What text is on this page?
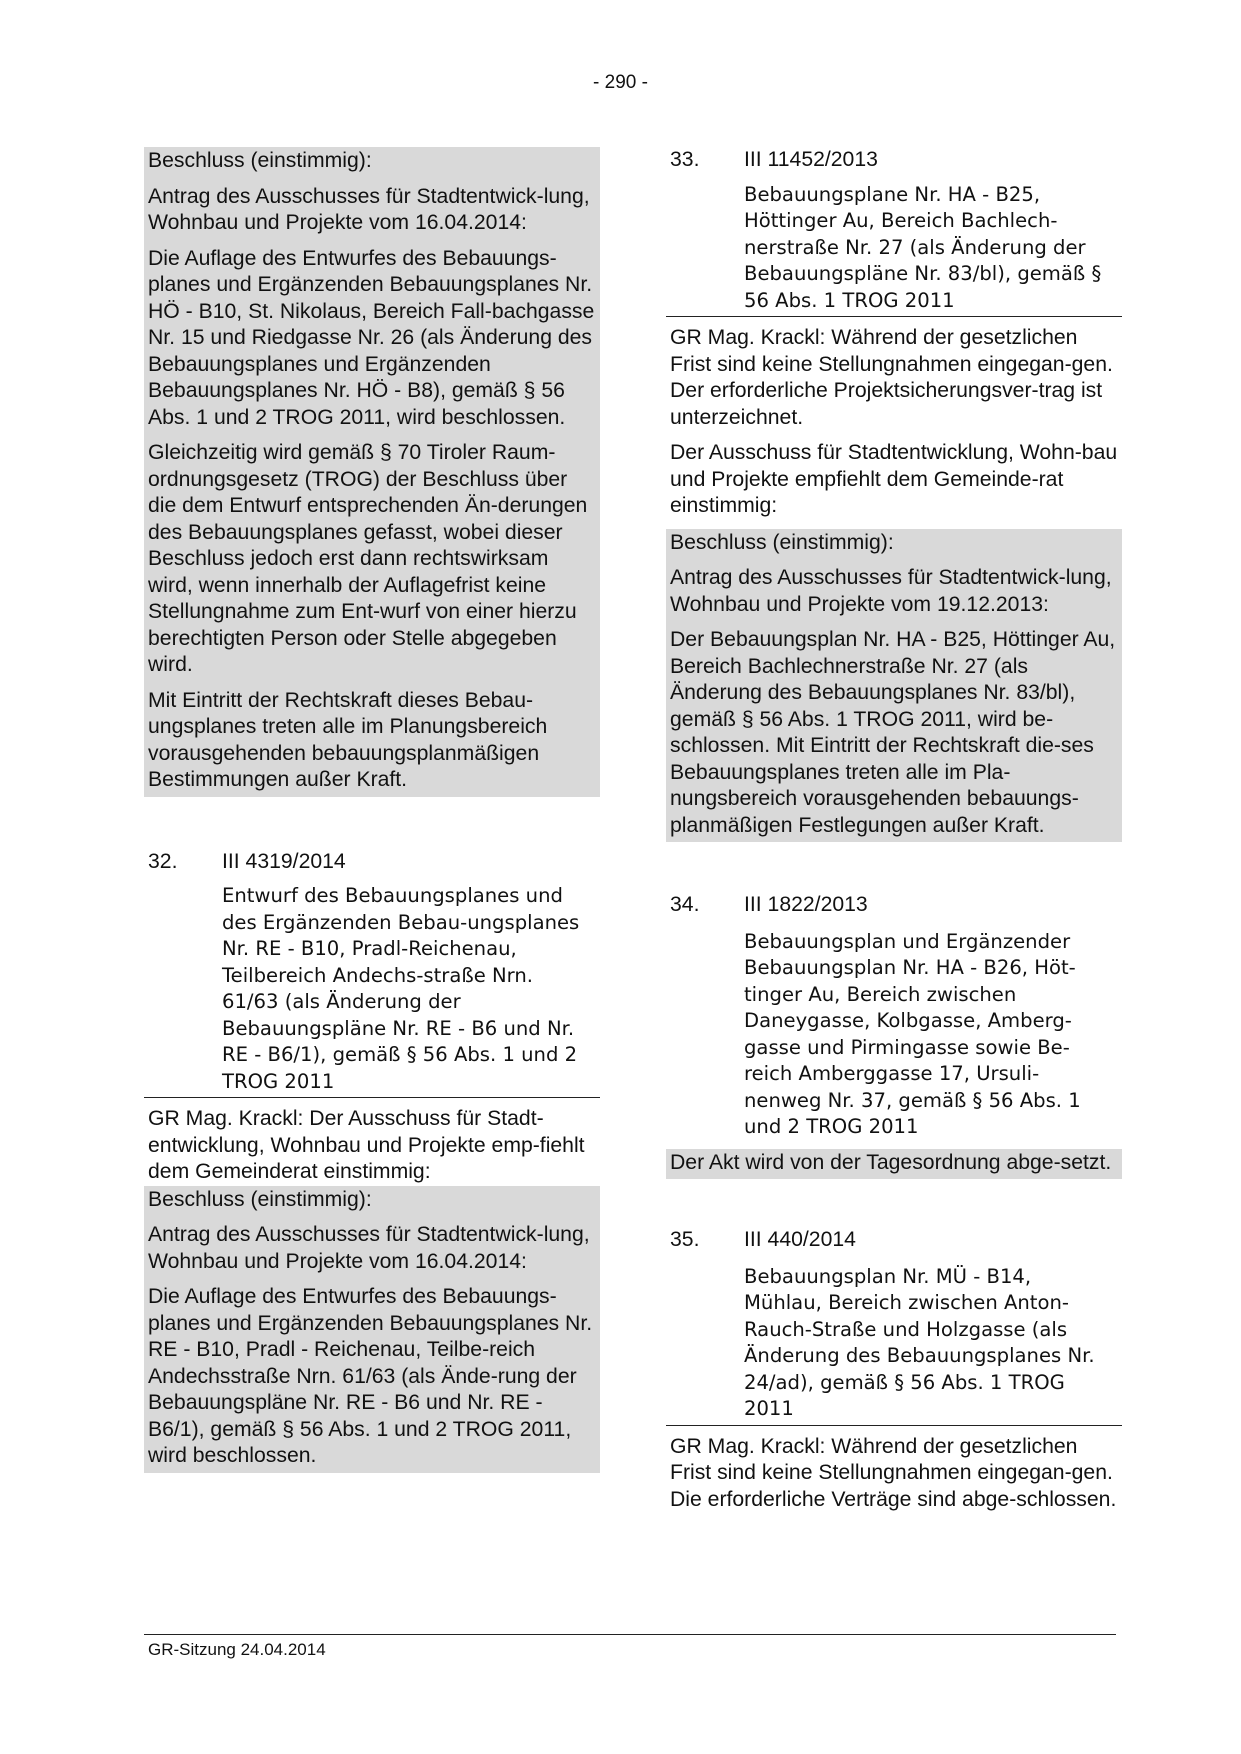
- 290 -

Beschluss (einstimmig):

Antrag des Ausschusses für Stadtentwick-lung, Wohnbau und Projekte vom 16.04.2014:

Die Auflage des Entwurfes des Bebauungs-planes und Ergänzenden Bebauungsplanes Nr. HÖ - B10, St. Nikolaus, Bereich Fall-bachgasse Nr. 15 und Riedgasse Nr. 26 (als Änderung des Bebauungsplanes und Ergänzenden Bebauungsplanes Nr. HÖ - B8), gemäß § 56 Abs. 1 und 2 TROG 2011, wird beschlossen.

Gleichzeitig wird gemäß § 70 Tiroler Raum-ordnungsgesetz (TROG) der Beschluss über die dem Entwurf entsprechenden Än-derungen des Bebauungsplanes gefasst, wobei dieser Beschluss jedoch erst dann rechtswirksam wird, wenn innerhalb der Auflagefrist keine Stellungnahme zum Ent-wurf von einer hierzu berechtigten Person oder Stelle abgegeben wird.

Mit Eintritt der Rechtskraft dieses Bebau-ungsplanes treten alle im Planungsbereich vorausgehenden bebauungsplanmäßigen Bestimmungen außer Kraft.

32.	III 4319/2014
Entwurf des Bebauungsplanes und des Ergänzenden Bebau-ungsplanes Nr. RE - B10, Pradl-Reichenau, Teilbereich Andechs-straße Nrn. 61/63 (als Änderung der Bebauungspläne Nr. RE - B6 und Nr. RE - B6/1), gemäß § 56 Abs. 1 und 2 TROG 2011

GR Mag. Krackl: Der Ausschuss für Stadt-entwicklung, Wohnbau und Projekte emp-fiehlt dem Gemeinderat einstimmig:

Beschluss (einstimmig):

Antrag des Ausschusses für Stadtentwick-lung, Wohnbau und Projekte vom 16.04.2014:

Die Auflage des Entwurfes des Bebauungs-planes und Ergänzenden Bebauungsplanes Nr. RE - B10, Pradl - Reichenau, Teilbe-reich Andechsstraße Nrn. 61/63 (als Ände-rung der Bebauungspläne Nr. RE - B6 und Nr. RE - B6/1), gemäß § 56 Abs. 1 und 2 TROG 2011, wird beschlossen.

33.	III 11452/2013
Bebauungsplane Nr. HA - B25, Höttinger Au, Bereich Bachlech-nerstraße Nr. 27 (als Änderung der Bebauungspläne Nr. 83/bl), gemäß § 56 Abs. 1 TROG 2011

GR Mag. Krackl: Während der gesetzlichen Frist sind keine Stellungnahmen eingegan-gen. Der erforderliche Projektsicherungsver-trag ist unterzeichnet.

Der Ausschuss für Stadtentwicklung, Wohn-bau und Projekte empfiehlt dem Gemeinde-rat einstimmig:

Beschluss (einstimmig):

Antrag des Ausschusses für Stadtentwick-lung, Wohnbau und Projekte vom 19.12.2013:

Der Bebauungsplan Nr. HA - B25, Höttinger Au, Bereich Bachlechnerstraße Nr. 27 (als Änderung des Bebauungsplanes Nr. 83/bl), gemäß § 56 Abs. 1 TROG 2011, wird be-schlossen. Mit Eintritt der Rechtskraft die-ses Bebauungsplanes treten alle im Pla-nungsbereich vorausgehenden bebauungs-planmäßigen Festlegungen außer Kraft.

34.	III 1822/2013
Bebauungsplan und Ergänzender Bebauungsplan Nr. HA - B26, Höt-tinger Au, Bereich zwischen Daneygasse, Kolbgasse, Amberg-gasse und Pirmingasse sowie Be-reich Amberggasse 17, Ursuli-nenweg Nr. 37, gemäß § 56 Abs. 1 und 2 TROG 2011

Der Akt wird von der Tagesordnung abge-setzt.

35.	III 440/2014
Bebauungsplan Nr. MÜ - B14, Mühlau, Bereich zwischen Anton-Rauch-Straße und Holzgasse (als Änderung des Bebauungsplanes Nr. 24/ad), gemäß § 56 Abs. 1 TROG 2011

GR Mag. Krackl: Während der gesetzlichen Frist sind keine Stellungnahmen eingegan-gen. Die erforderliche Verträge sind abge-schlossen.

GR-Sitzung 24.04.2014
